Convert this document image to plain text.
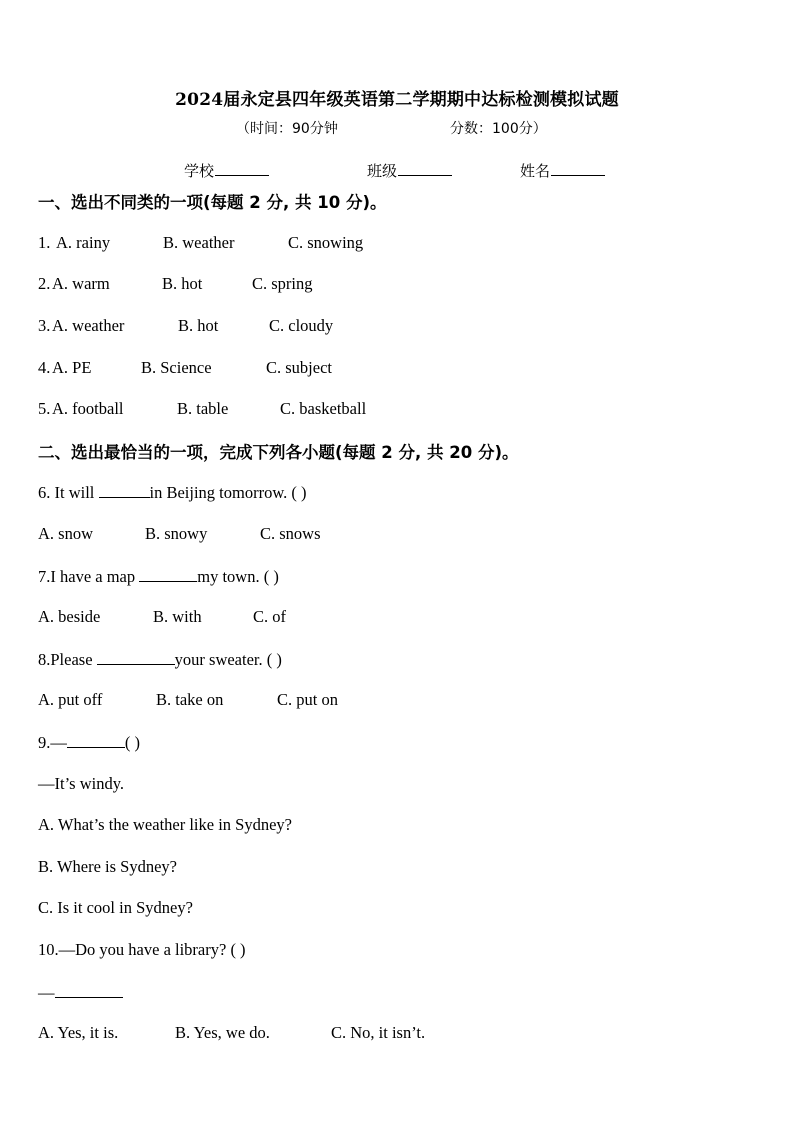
2024届永定县四年级英语第二学期期中达标检测模拟试题
（时间：90分钟	分数：100分）
学校	班级	姓名
一、选出不同类的一项(每题 2 分, 共 10 分)。
1. A. rainy	B. weather	C. snowing
2. A. warm	B. hot	C. spring
3. A. weather	B. hot	C. cloudy
4. A. PE	B. Science	C. subject
5. A. football	B. table	C. basketball
二、选出最恰当的一项，完成下列各小题(每题 2 分, 共 20 分)。
6. It will	in Beijing tomorrow. ( )
A. snow	B. snowy	C. snows
7.I have a map	my town. ( )
A. beside	B. with	C. of
8.Please	your sweater. ( )
A. put off	B. take on	C. put on
9.—	( )
—It’s windy.
A. What’s the weather like in Sydney?
B. Where is Sydney?
C. Is it cool in Sydney?
10.—Do you have a library? ( )
—
A. Yes, it is.	B. Yes, we do.	C. No, it isn’t.
